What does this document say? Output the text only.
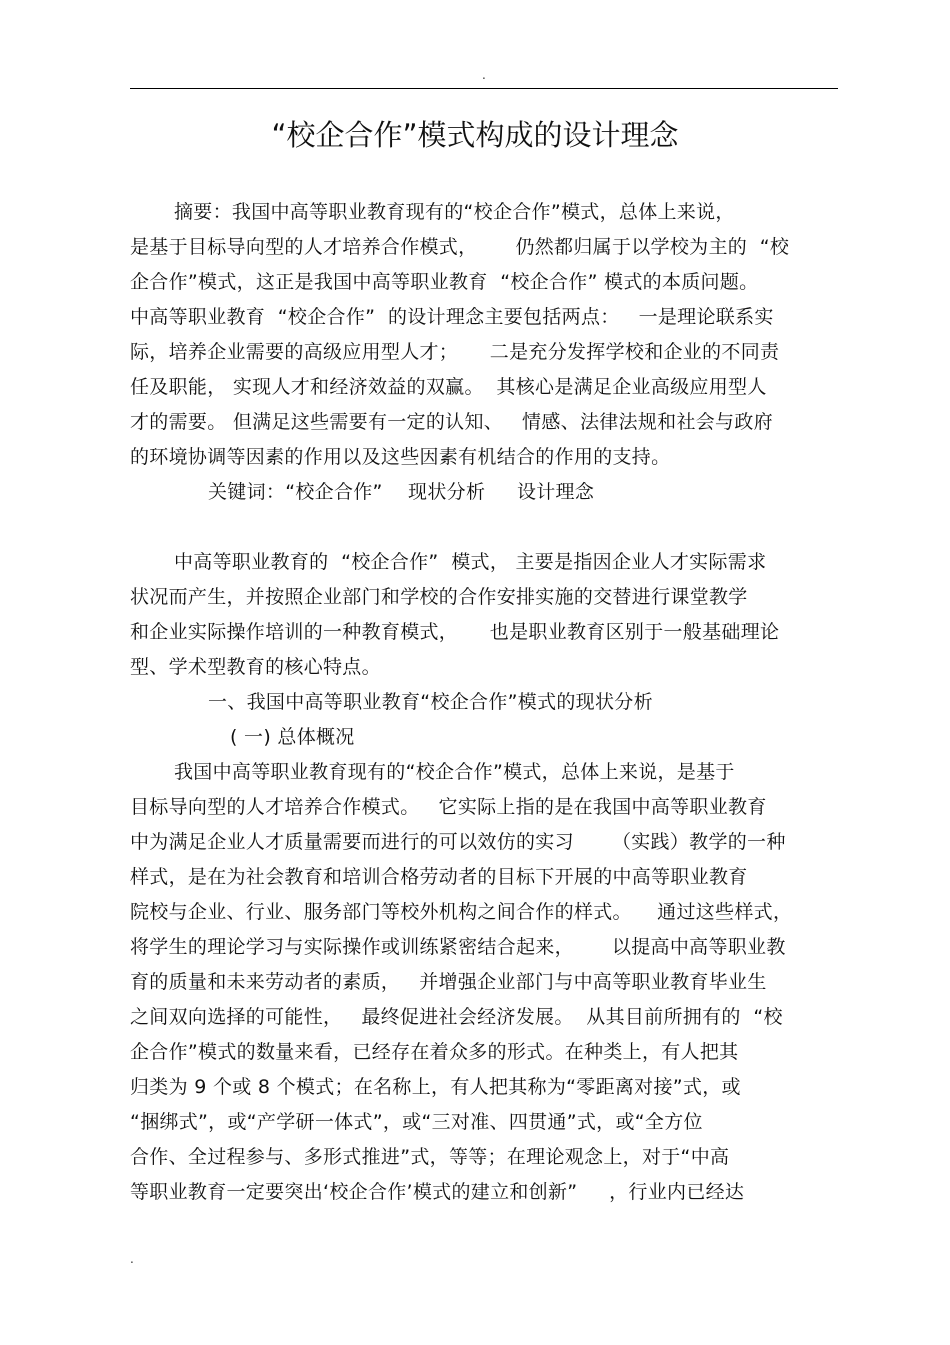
.
“校企合作”模式构成的设计理念
摘要：我国中高等职业教育现有的“校企合作”模式，总体上来说，
是基于目标导向型的人才培养合作模式，      仍然都归属于以学校为主的  “校
企合作”模式，这正是我国中高等职业教育  “校企合作” 模式的本质问题。
中高等职业教育  “校企合作”  的设计理念主要包括两点：   一是理论联系实
际，培养企业需要的高级应用型人才；     二是充分发挥学校和企业的不同责
任及职能， 实现人才和经济效益的双赢。  其核心是满足企业高级应用型人
才的需要。 但满足这些需要有一定的认知、   情感、法律法规和社会与政府
的环境协调等因素的作用以及这些因素有机结合的作用的支持。
关键词：“校企合作”    现状分析     设计理念
中高等职业教育的  “校企合作”  模式， 主要是指因企业人才实际需求
状况而产生，并按照企业部门和学校的合作安排实施的交替进行课堂教学
和企业实际操作培训的一种教育模式，     也是职业教育区别于一般基础理论
型、学术型教育的核心特点。
一、我国中高等职业教育“校企合作”模式的现状分析
( 一) 总体概况
我国中高等职业教育现有的“校企合作”模式，总体上来说，是基于
目标导向型的人才培养合作模式。   它实际上指的是在我国中高等职业教育
中为满足企业人才质量需要而进行的可以效仿的实习      （实践）教学的一种
样式，是在为社会教育和培训合格劳动者的目标下开展的中高等职业教育
院校与企业、行业、服务部门等校外机构之间合作的样式。    通过这些样式，
将学生的理论学习与实际操作或训练紧密结合起来，      以提高中高等职业教
育的质量和未来劳动者的素质，   并增强企业部门与中高等职业教育毕业生
之间双向选择的可能性，   最终促进社会经济发展。  从其目前所拥有的  “校
企合作”模式的数量来看，已经存在着众多的形式。在种类上，有人把其
归类为 9 个或 8 个模式；在名称上，有人把其称为“零距离对接”式，或
“捆绑式”，或“产学研一体式”，或“三对准、四贯通”式，或“全方位
合作、全过程参与、多形式推进”式，等等；在理论观念上，对于“中高
等职业教育一定要突出‘校企合作’模式的建立和创新”     ，行业内已经达
.
